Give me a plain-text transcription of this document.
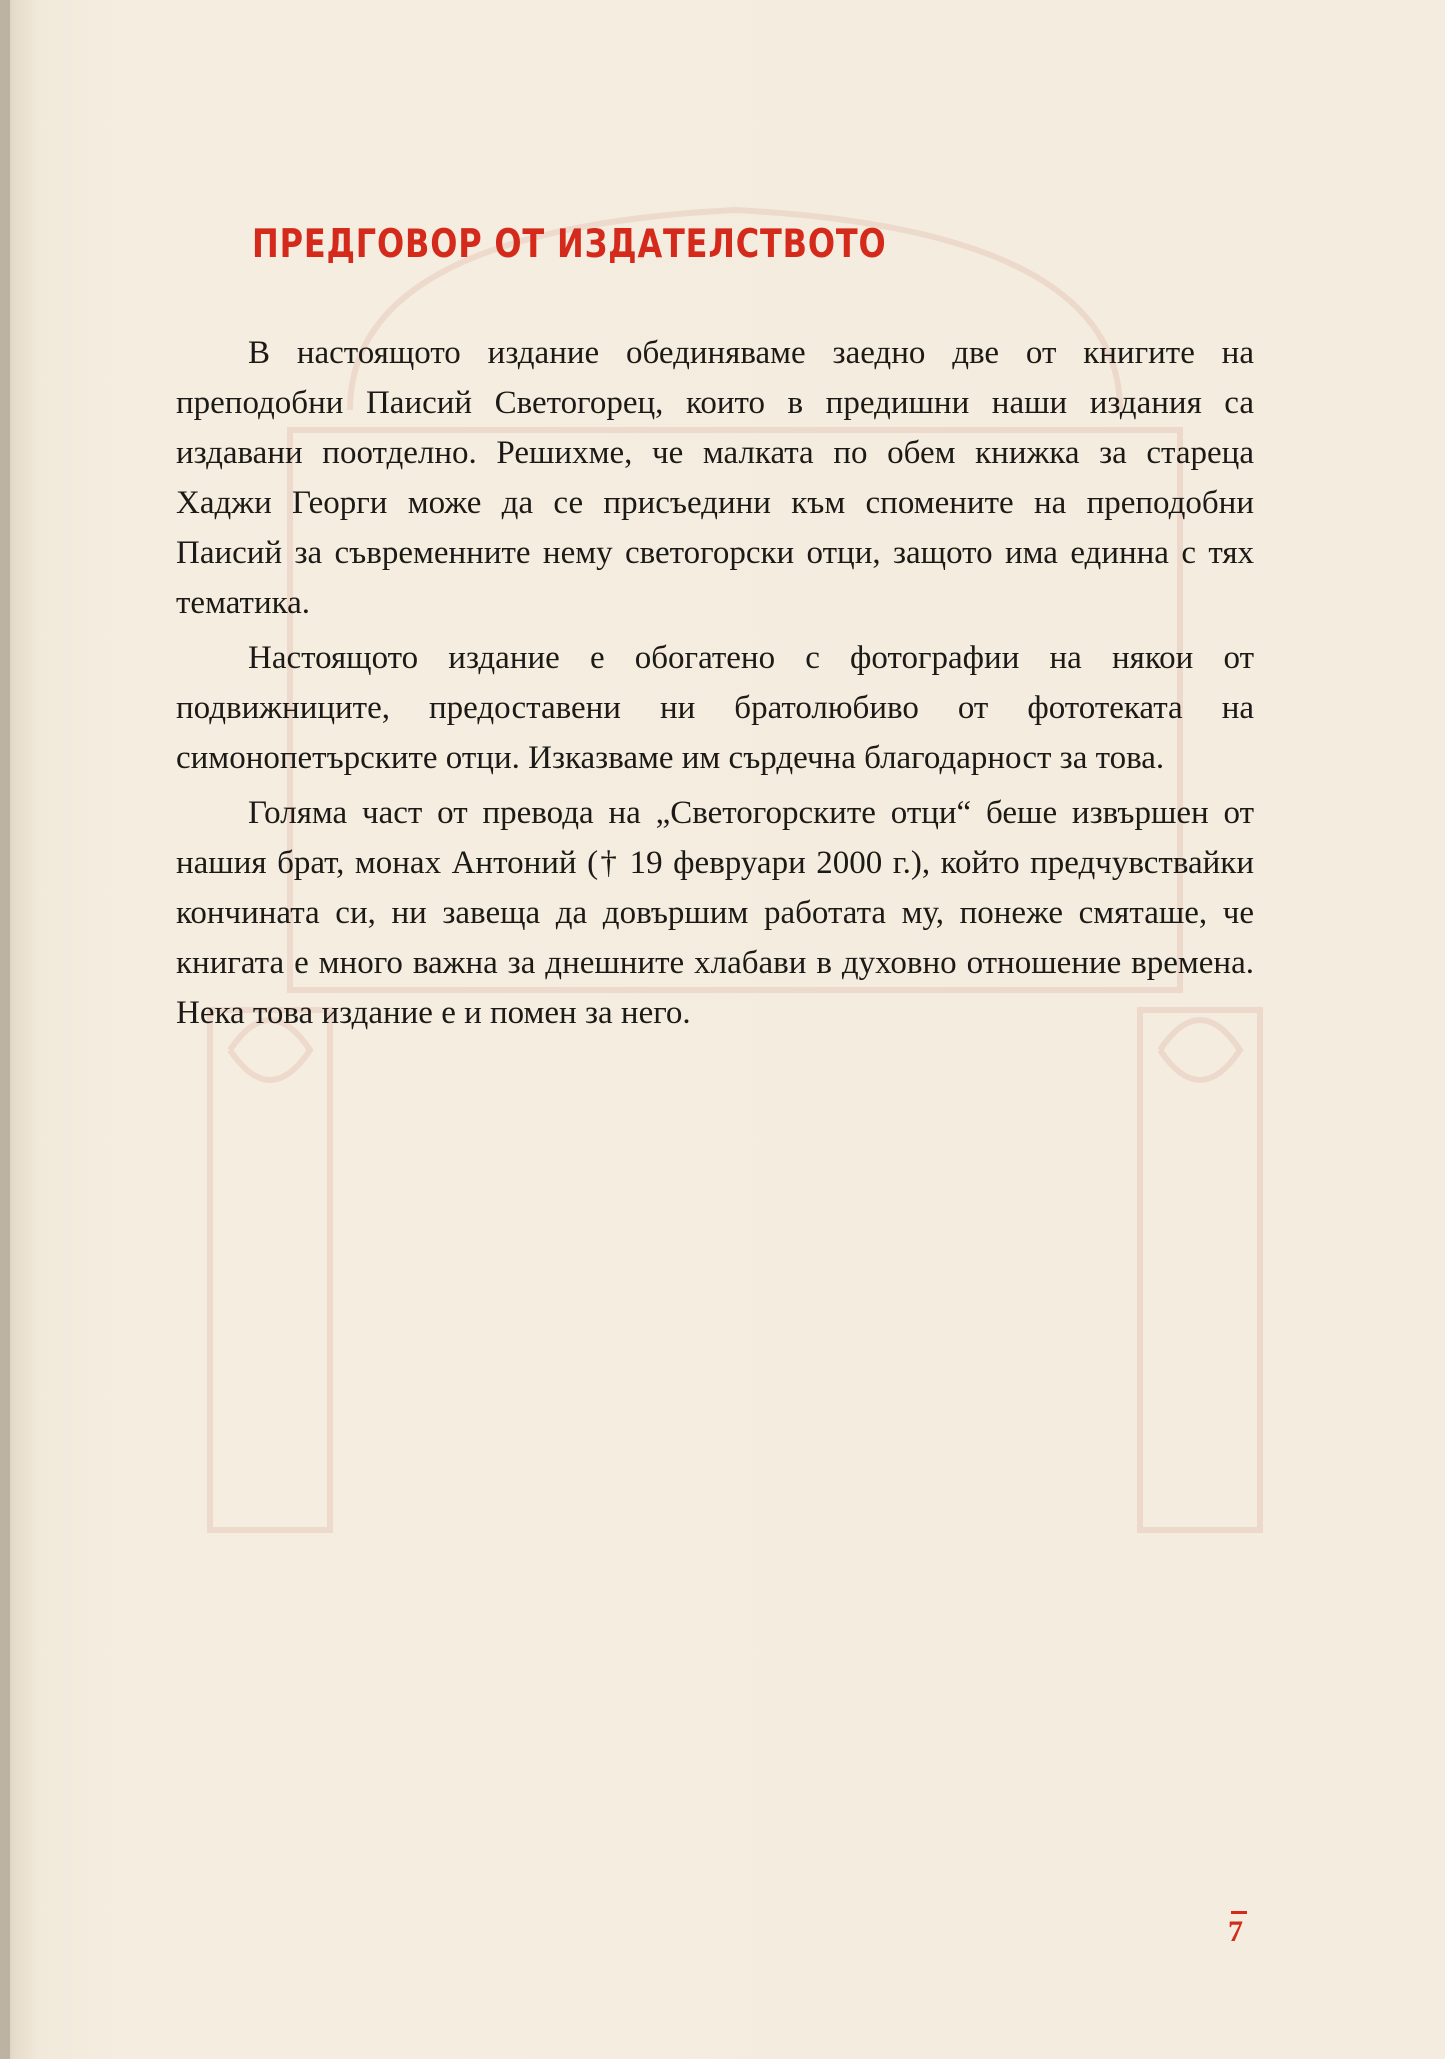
ПРЕДГОВОР ОТ ИЗДАТЕЛСТВОТО

В настоящото издание обединяваме заедно две от книгите на преподобни Паисий Светогорец, които в предишни наши издания са издавани поотделно. Решихме, че малката по обем книжка за стареца Хаджи Георги може да се присъедини към спомените на преподобни Паисий за съвременните нему светогорски отци, защото има единна с тях тематика.

Настоящото издание е обогатено с фотографии на някои от подвижниците, предоставени ни братолюбиво от фототеката на симонопетърските отци. Изказваме им сърдечна благодарност за това.

Голяма част от превода на „Светогорските отци“ беше извършен от нашия брат, монах Антоний († 19 февруари 2000 г.), който предчувствайки кончината си, ни завеща да довършим работата му, понеже смяташе, че книгата е много важна за днешните хлабави в духовно отношение времена. Нека това издание е и помен за него.

7
